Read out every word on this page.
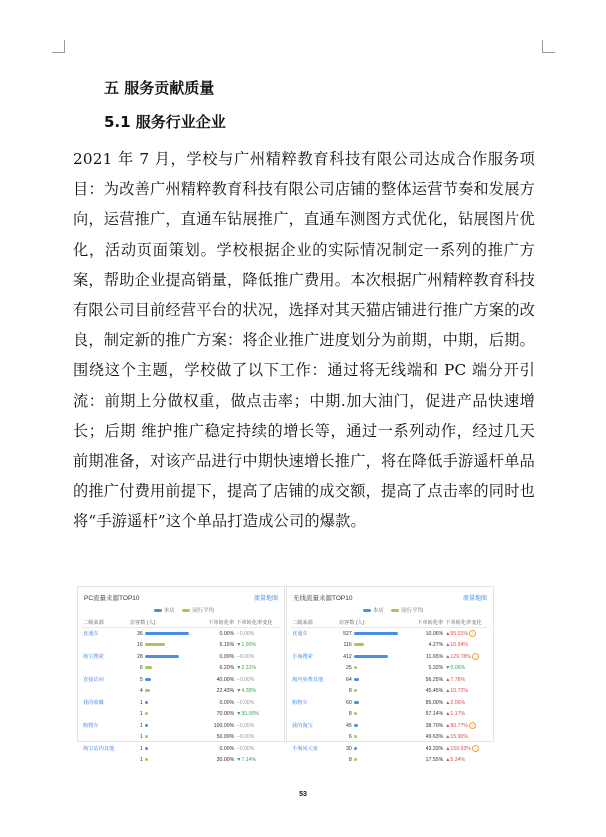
五 服务贡献质量
5.1 服务行业企业

2021 年 7 月，学校与广州精粹教育科技有限公司达成合作服务项目：为改善广州精粹教育科技有限公司店铺的整体运营节奏和发展方向，运营推广，直通车钻展推广，直通车测图方式优化，钻展图片优化，活动页面策划。学校根据企业的实际情况制定一系列的推广方案，帮助企业提高销量，降低推广费用。本次根据广州精粹教育科技有限公司目前经营平台的状况，选择对其天猫店铺进行推广方案的改良，制定新的推广方案：将企业推广进度划分为前期，中期，后期。围绕这个主题，学校做了以下工作：通过将无线端和 PC 端分开引流：前期上分做权重，做点击率；中期.加大油门，促进产品快速增长；后期 维护推广稳定持续的增长等，通过一系列动作，经过几天前期准备，对该产品进行中期快速增长推广，将在降低手游遥杆单品的推广付费用前提下，提高了店铺的成交额，提高了点击率的同时也将“手游遥杆”这个单品打造成公司的爆款。

PC流量来源TOP10	流量地图
本店	同行平均
二级来源	访客数 (人)		下单转化率	下单转化率变化
直通车	36		0.00%	--0.00%
	16		5.15%	▼1.90%
淘宝搜索	28		0.00%	--0.00%
	6		6.20%	▼2.31%
直接访问	5		40.00%	--0.00%
	4		22.43%	▼4.39%
我的收藏	1		0.00%	--0.00%
	1		70.00%	▼30.00%
购物车	1		100.00%	--0.00%
	1		50.00%	--0.00%
淘宝站内其他	1		0.00%	--0.00%
	1		30.00%	▼7.14%
无线流量来源TOP10	流量地图
本店	同行平均
二级来源	访客数 (人)		下单转化率	下单转化率变化
直通车	527		10.06%	▲55.01% !
	116		4.27%	▲10.94%
手淘搜索	412		11.65%	▲129.78% !
	25		5.32%	▼0.06%
淘内免费其他	64		56.25%	▲7.76%
	8		45.45%	▲10.72%
购物车	60		85.00%	▲2.06%
	8		57.14%	▲1.17%
我的淘宝	45		38.70%	▲90.77% !
	6		49.63%	▲15.90%
手淘问大家	30		43.33%	▲159.93% !
	8		17.55%	▲5.34%
53
